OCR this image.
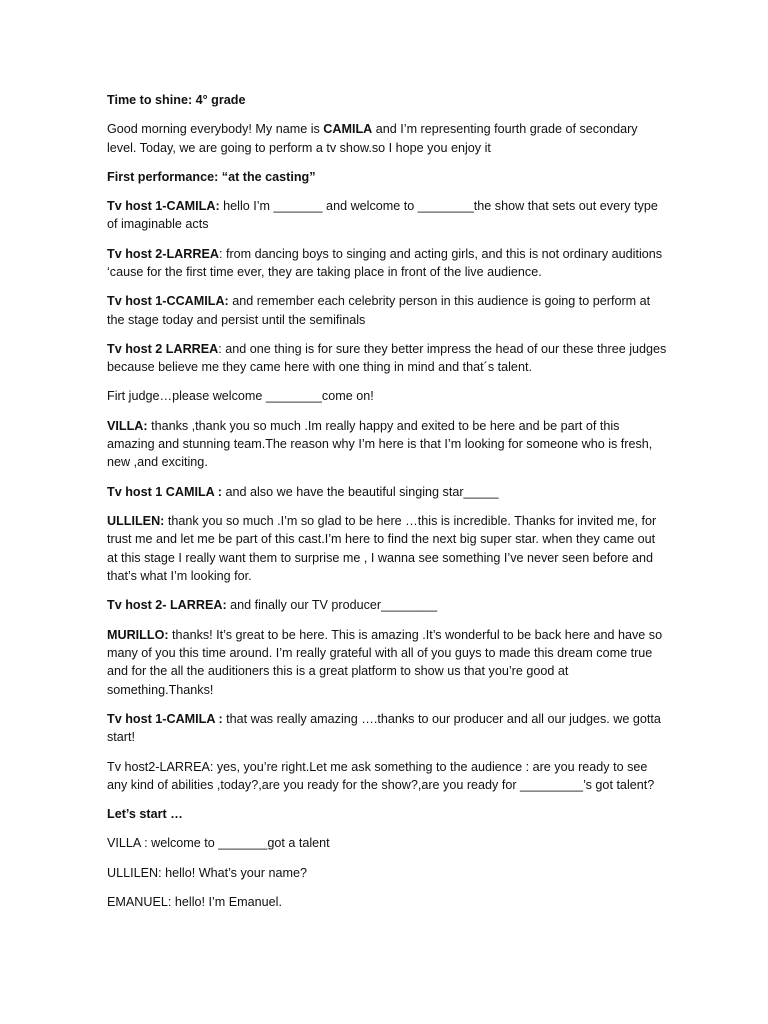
Time to shine: 4° grade

Good morning everybody! My name is CAMILA and I’m representing fourth grade of secondary level. Today, we are going to perform a tv show.so I hope you enjoy it

First performance: “at the casting”

Tv host 1-CAMILA: hello I’m _______ and welcome to ________the show that sets out every type of imaginable acts

Tv host 2-LARREA: from dancing boys to singing and acting girls, and this is not ordinary auditions ‘cause for the first time ever, they are taking place in front of the live audience.

Tv host 1-CCAMILA: and remember each celebrity person in this audience is going to perform at the stage today and persist until the semifinals

Tv host 2 LARREA: and one thing is for sure they better impress the head of our these three judges because believe me they came here with one thing in mind and that´s talent.

Firt judge…please welcome ________come on!

VILLA: thanks ,thank you so much .Im really happy and exited to be here and be part of this amazing and stunning team.The reason why I’m here is that I’m looking for someone who is fresh, new ,and exciting.

Tv host 1 CAMILA : and also we have the beautiful singing star_____

ULLILEN: thank you so much .I’m so glad to be here …this is incredible. Thanks for invited me, for trust me and let me be part of this cast.I’m here to find the next big super star. when they came out at this stage I really want them to surprise me , I wanna see something I’ve never seen before and that’s what I’m looking for.

Tv host 2- LARREA: and finally our TV producer________

MURILLO: thanks! It’s great to be here. This is amazing .It’s wonderful to be back here and have so many of you this time around. I’m really grateful with all of you guys to made this dream come true and for the all the auditioners this is a great platform to show us that you’re good at something.Thanks!

Tv host 1-CAMILA : that was really amazing ….thanks to our producer and all our judges. we gotta start!

Tv host2-LARREA: yes, you’re right.Let me ask something to the audience : are you ready to see any kind of abilities ,today?,are you ready for the show?,are you ready for _________’s got talent?

Let’s start …

VILLA : welcome to _______got a talent

ULLILEN: hello! What’s your name?

EMANUEL: hello! I’m Emanuel.
